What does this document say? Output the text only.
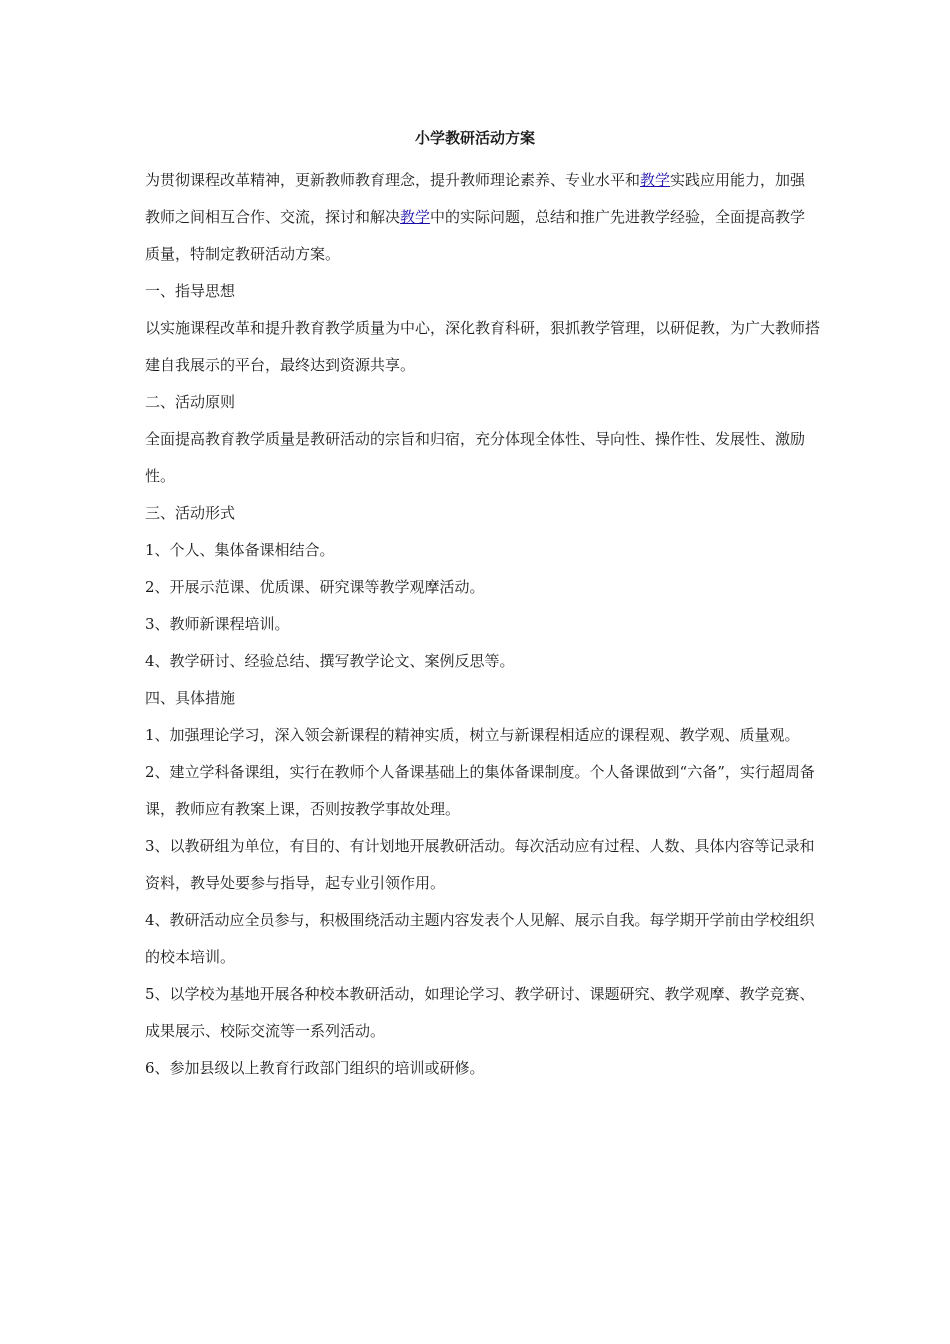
小学教研活动方案

为贯彻课程改革精神，更新教师教育理念，提升教师理论素养、专业水平和教学实践应用能力，加强教师之间相互合作、交流，探讨和解决教学中的实际问题，总结和推广先进教学经验，全面提高教学质量，特制定教研活动方案。

一、指导思想

以实施课程改革和提升教育教学质量为中心，深化教育科研，狠抓教学管理，以研促教，为广大教师搭建自我展示的平台，最终达到资源共享。

二、活动原则

全面提高教育教学质量是教研活动的宗旨和归宿，充分体现全体性、导向性、操作性、发展性、激励性。

三、活动形式

1、个人、集体备课相结合。

2、开展示范课、优质课、研究课等教学观摩活动。

3、教师新课程培训。

4、教学研讨、经验总结、撰写教学论文、案例反思等。

四、具体措施

1、加强理论学习，深入领会新课程的精神实质，树立与新课程相适应的课程观、教学观、质量观。

2、建立学科备课组，实行在教师个人备课基础上的集体备课制度。个人备课做到“六备”，实行超周备课，教师应有教案上课，否则按教学事故处理。

3、以教研组为单位，有目的、有计划地开展教研活动。每次活动应有过程、人数、具体内容等记录和资料，教导处要参与指导，起专业引领作用。

4、教研活动应全员参与，积极围绕活动主题内容发表个人见解、展示自我。每学期开学前由学校组织的校本培训。

5、以学校为基地开展各种校本教研活动，如理论学习、教学研讨、课题研究、教学观摩、教学竞赛、成果展示、校际交流等一系列活动。

6、参加县级以上教育行政部门组织的培训或研修。
